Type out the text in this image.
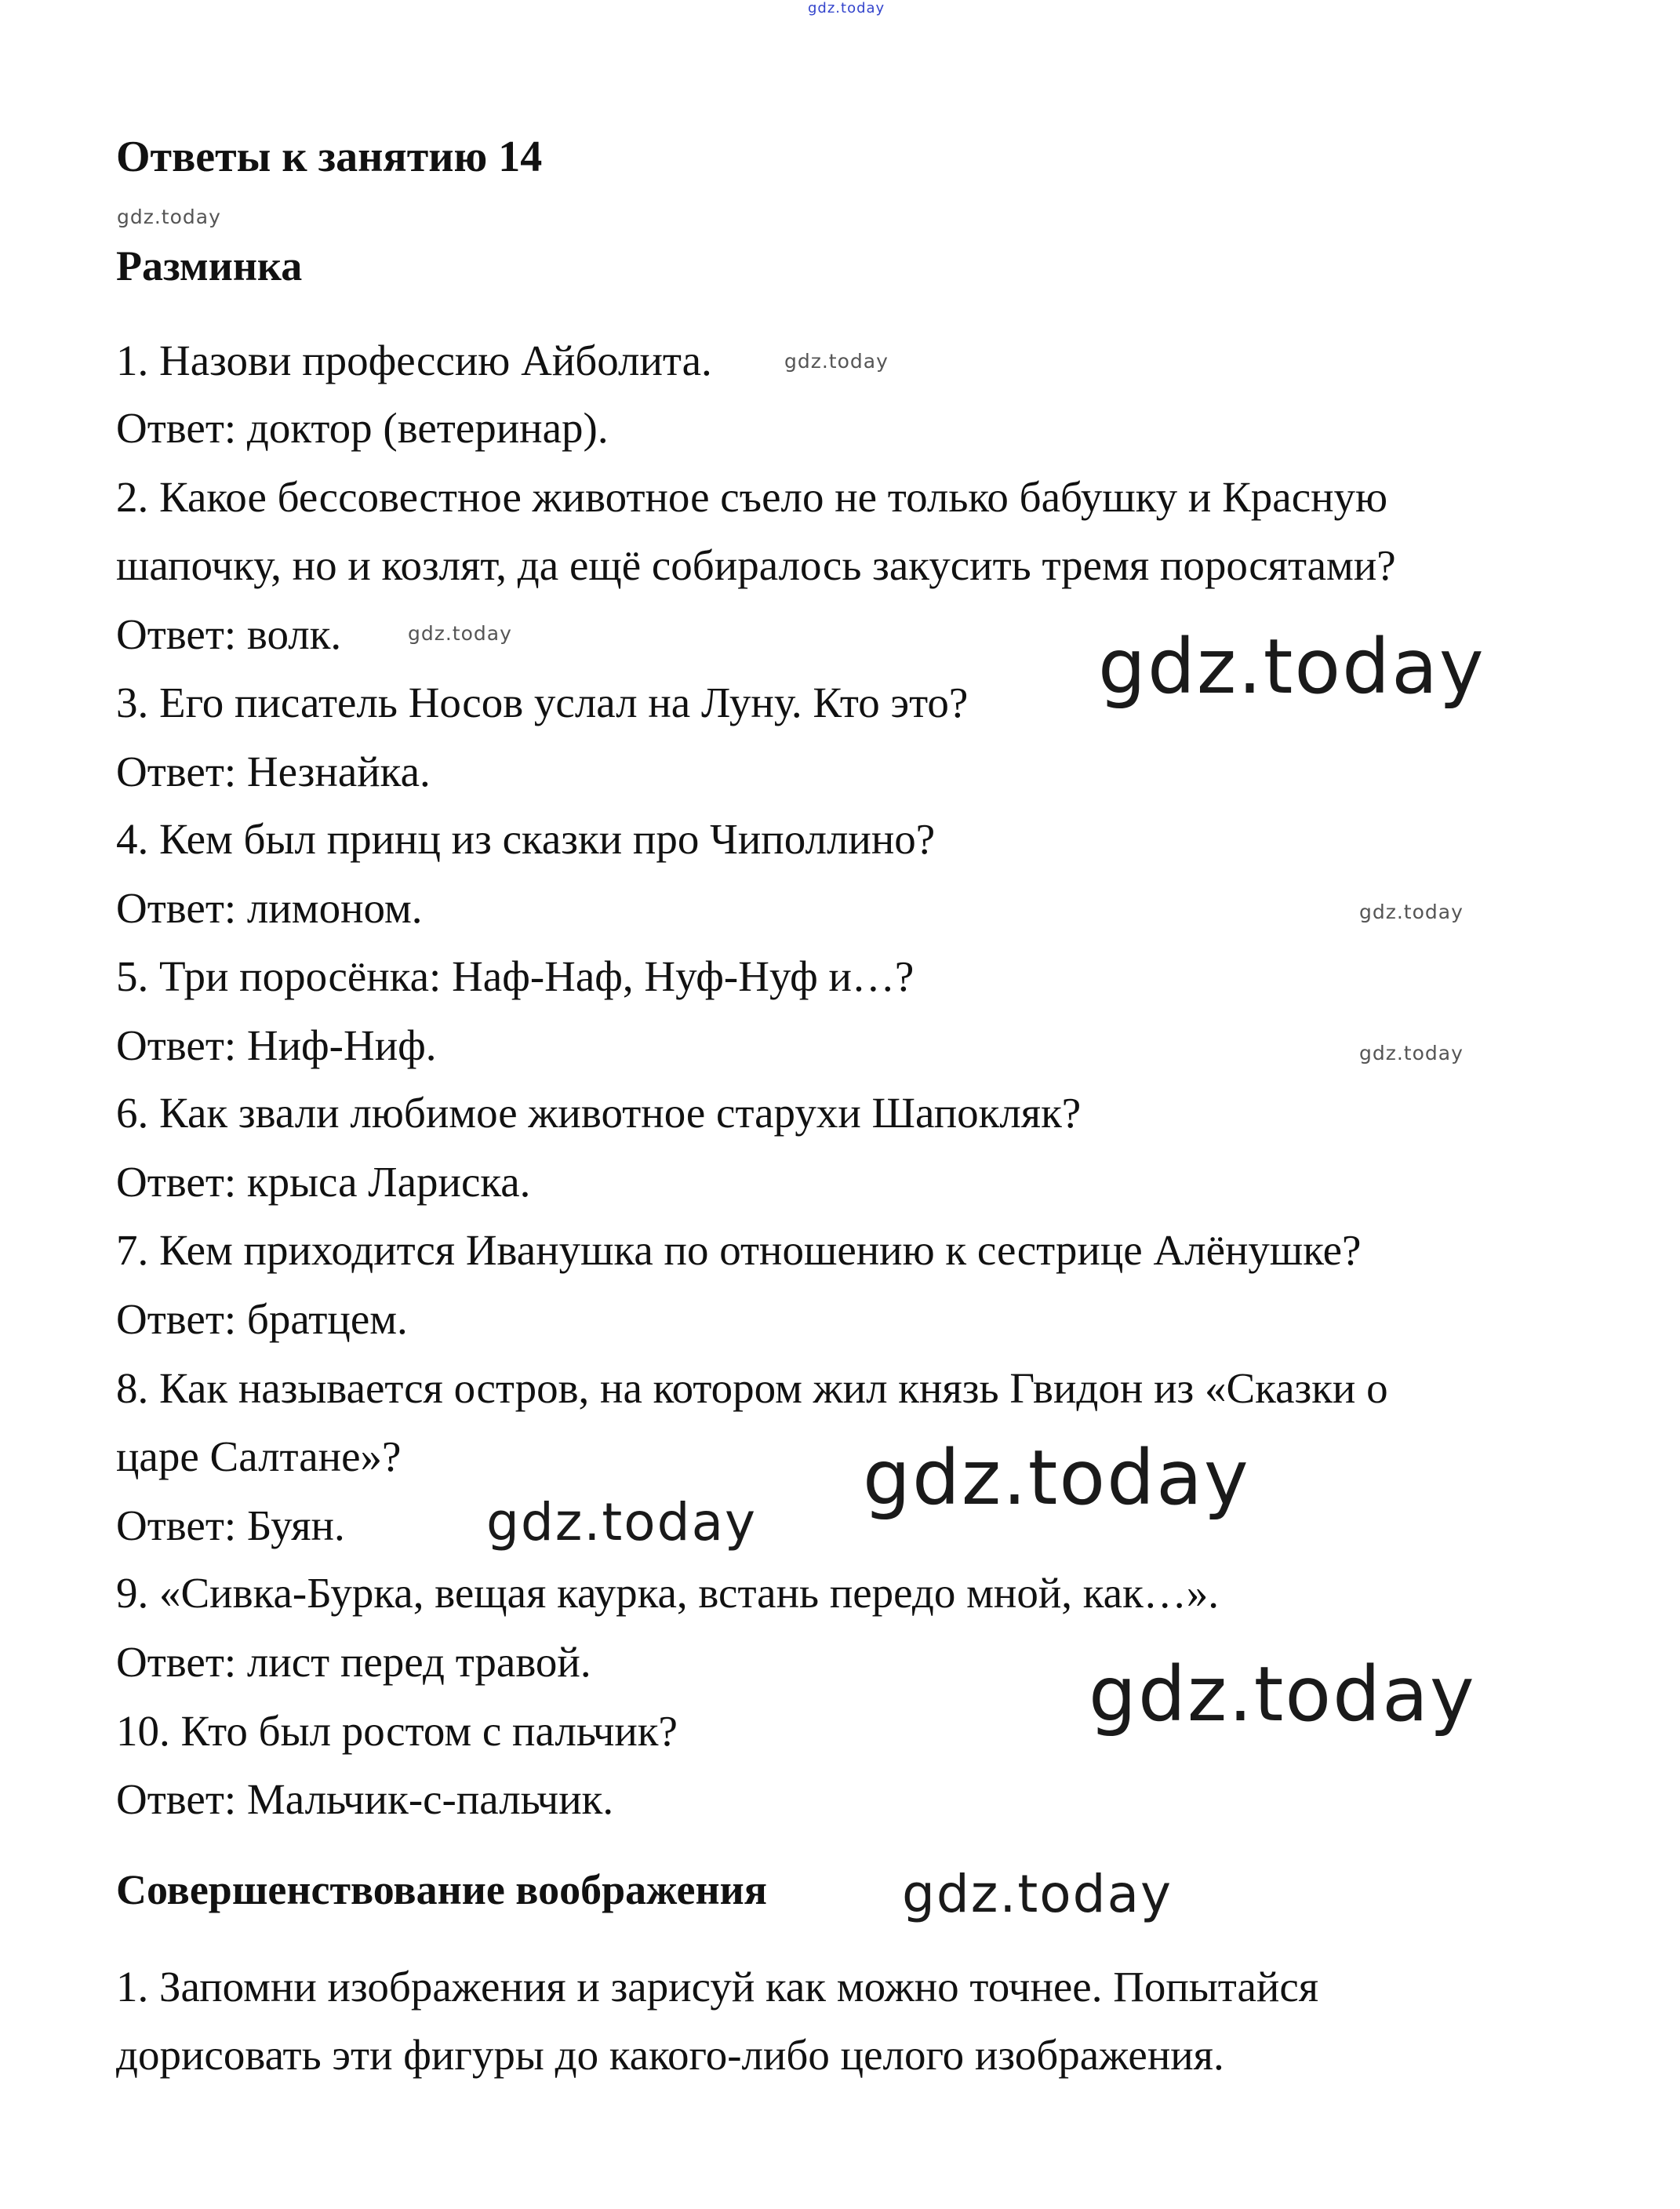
gdz.today
Ответы к занятию 14
gdz.today
Разминка
1. Назови профессию Айболита.
Ответ: доктор (ветеринар).
2. Какое бессовестное животное съело не только бабушку и Красную
шапочку, но и козлят, да ещё собиралось закусить тремя поросятами?
Ответ: волк.
3. Его писатель Носов услал на Луну. Кто это?
Ответ: Незнайка.
4. Кем был принц из сказки про Чиполлино?
Ответ: лимоном.
5. Три поросёнка: Наф-Наф, Нуф-Нуф и…?
Ответ: Ниф-Ниф.
6. Как звали любимое животное старухи Шапокляк?
Ответ: крыса Лариска.
7. Кем приходится Иванушка по отношению к сестрице Алёнушке?
Ответ: братцем.
8. Как называется остров, на котором жил князь Гвидон из «Сказки о
царе Салтане»?
Ответ: Буян.
9. «Сивка-Бурка, вещая каурка, встань передо мной, как…».
Ответ: лист перед травой.
10. Кто был ростом с пальчик?
Ответ: Мальчик-с-пальчик.
Совершенствование воображения
1. Запомни изображения и зарисуй как можно точнее. Попытайся
дорисовать эти фигуры до какого-либо целого изображения.
gdz.today
gdz.today
gdz.today
gdz.today
gdz.today
gdz.today
gdz.today
gdz.today
gdz.today
